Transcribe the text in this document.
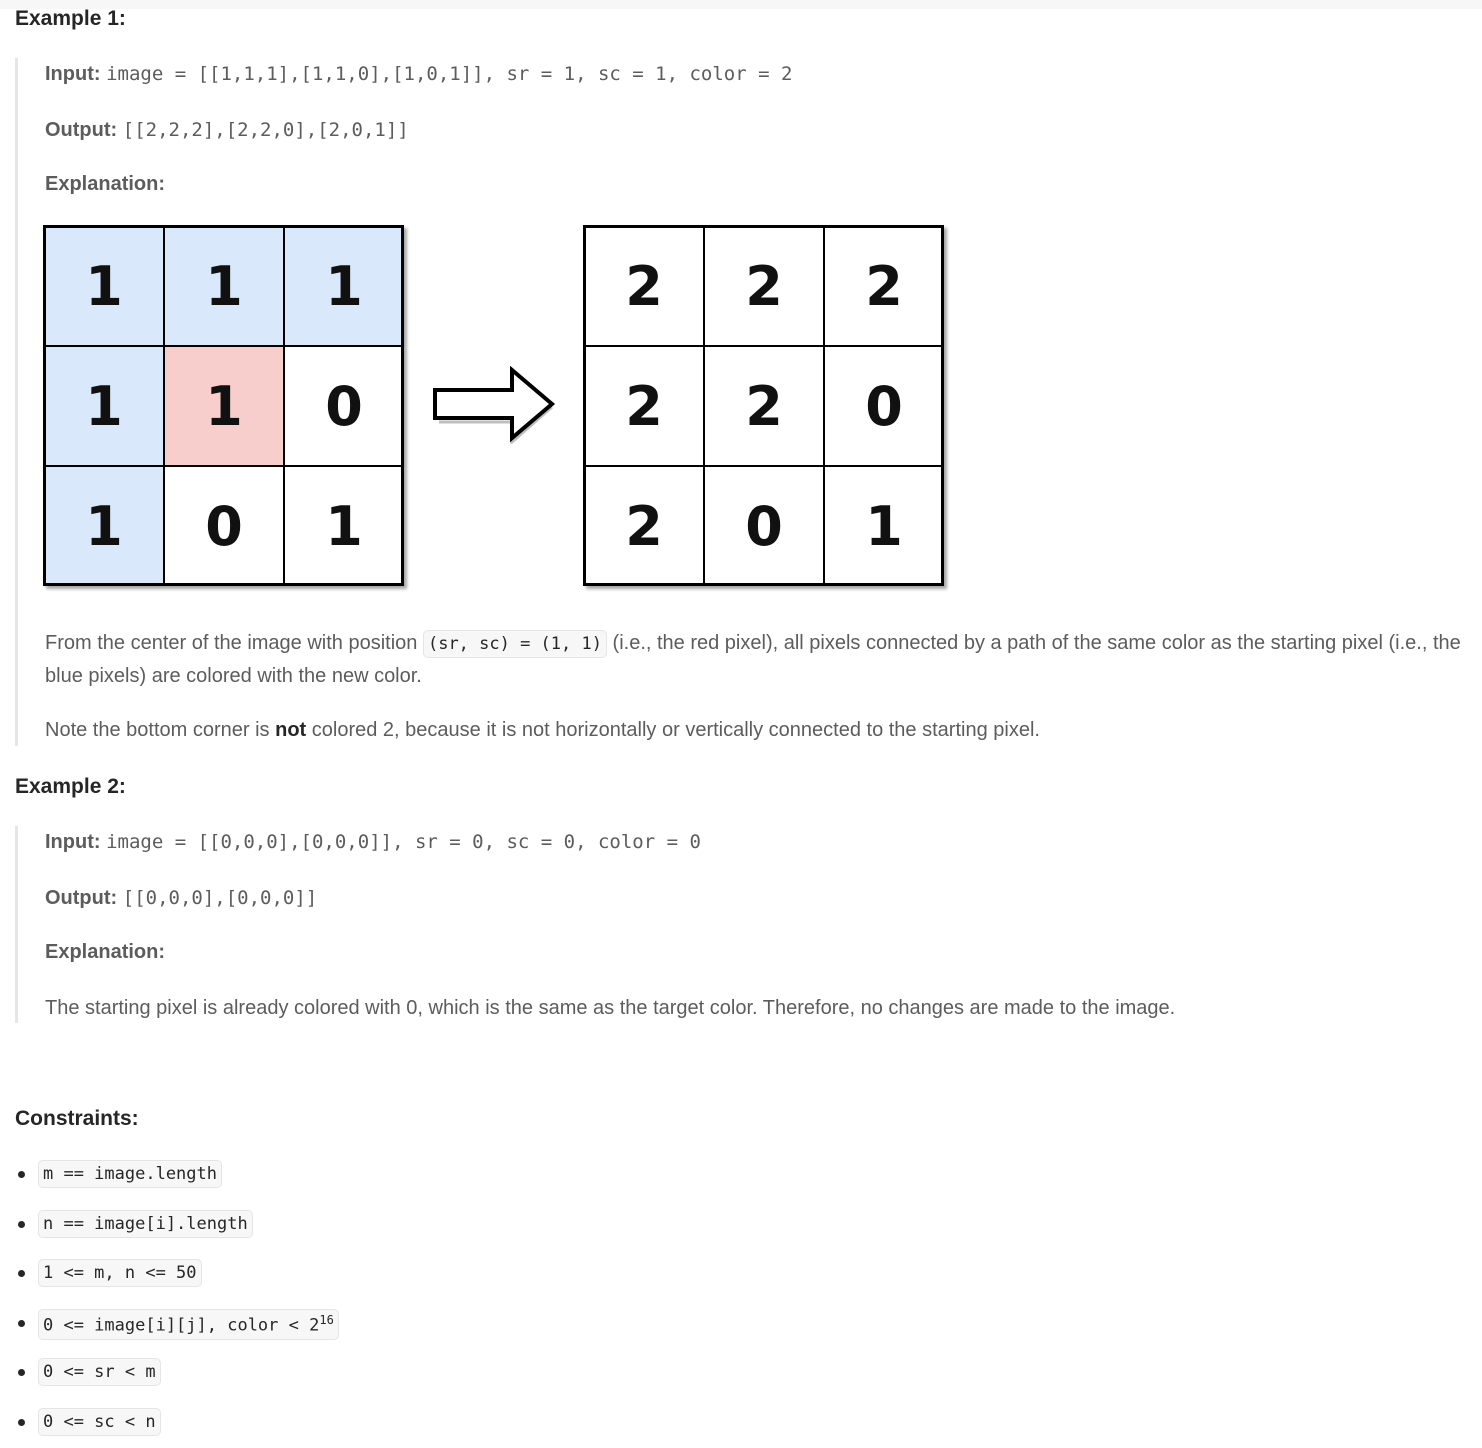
Example 1:
Input: image = [[1,1,1],[1,1,0],[1,0,1]], sr = 1, sc = 1, color = 2
Output: [[2,2,2],[2,2,0],[2,0,1]]
Explanation:
From the center of the image with position (sr, sc) = (1, 1) (i.e., the red pixel), all pixels connected by a path of the same color as the starting pixel (i.e., the blue pixels) are colored with the new color.
Note the bottom corner is not colored 2, because it is not horizontally or vertically connected to the starting pixel.
1	1	1
1	1	0
1	0	1
2	2	2
2	2	0
2	0	1
Example 2:
Input: image = [[0,0,0],[0,0,0]], sr = 0, sc = 0, color = 0
Output: [[0,0,0],[0,0,0]]
Explanation:
The starting pixel is already colored with 0, which is the same as the target color. Therefore, no changes are made to the image.
Constraints:
m == image.length
n == image[i].length
1 <= m, n <= 50
0 <= image[i][j], color < $2^{16}$
0 <= sr < m
0 <= sc < n
